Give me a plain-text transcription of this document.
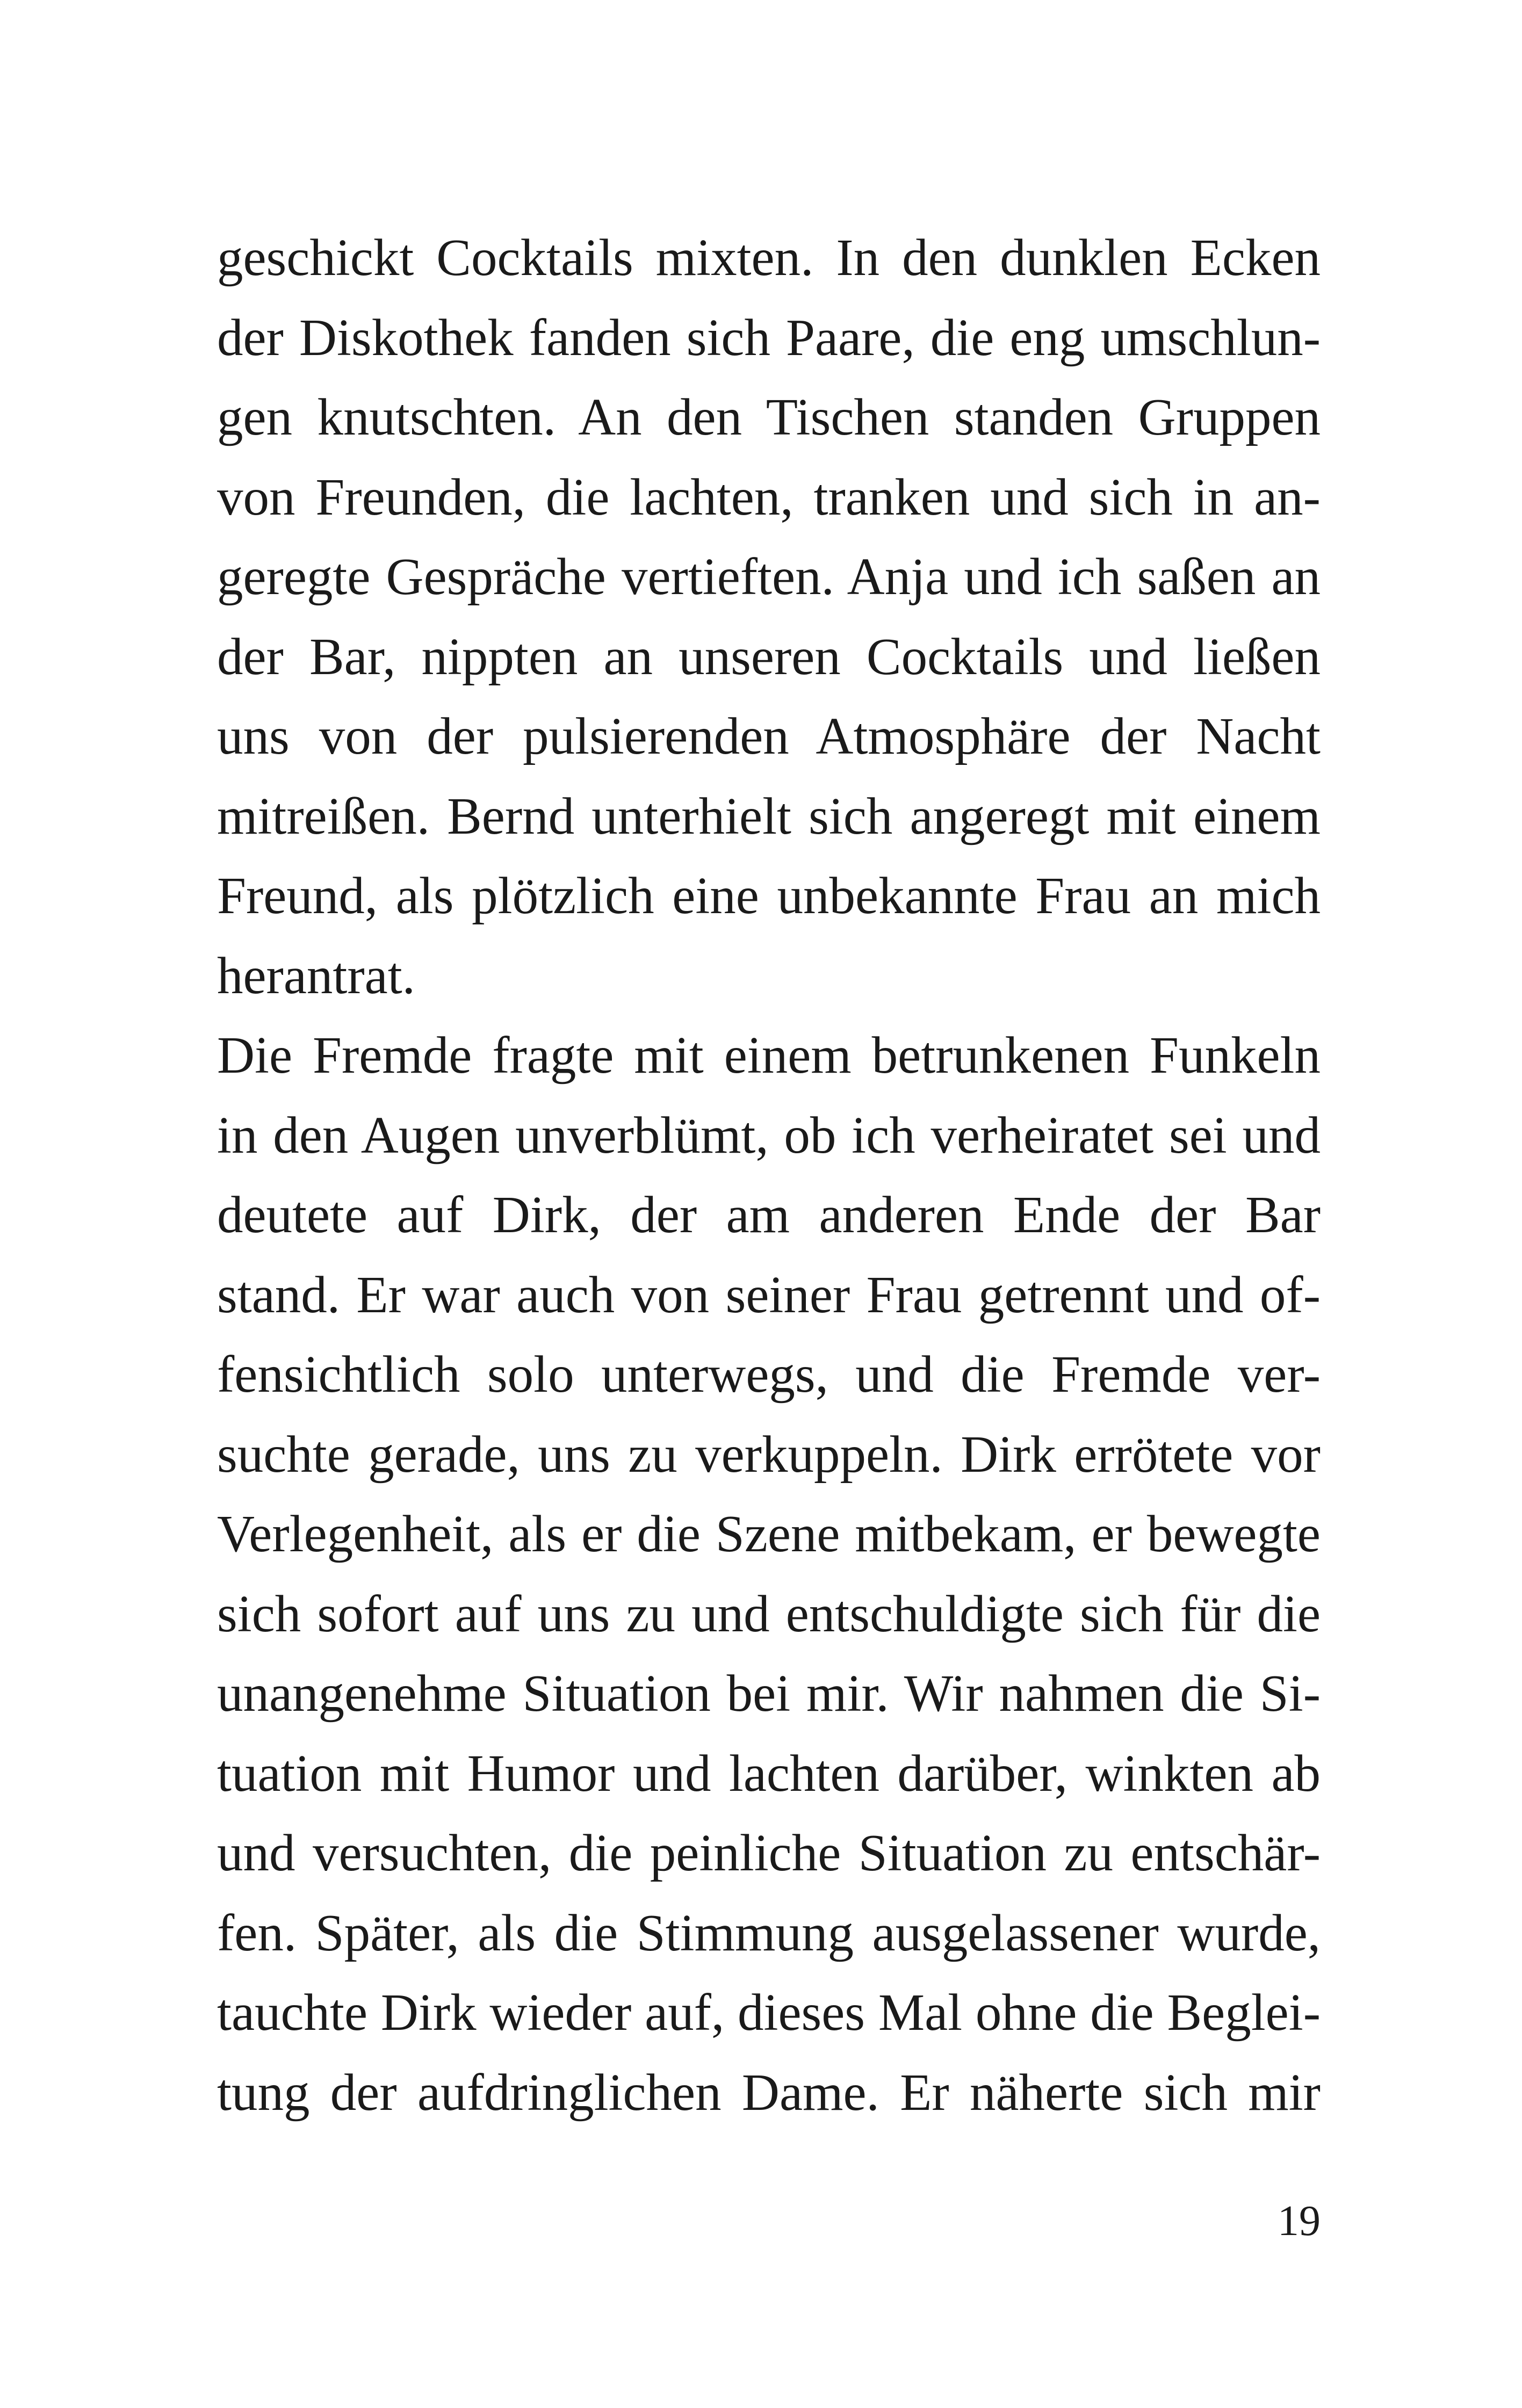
geschickt Cocktails mixten. In den dunklen Ecken
der Diskothek fanden sich Paare, die eng umschlun-
gen knutschten. An den Tischen standen Gruppen
von Freunden, die lachten, tranken und sich in an-
geregte Gespräche vertieften. Anja und ich saßen an
der Bar, nippten an unseren Cocktails und ließen
uns von der pulsierenden Atmosphäre der Nacht
mitreißen. Bernd unterhielt sich angeregt mit einem
Freund, als plötzlich eine unbekannte Frau an mich
herantrat.
Die Fremde fragte mit einem betrunkenen Funkeln
in den Augen unverblümt, ob ich verheiratet sei und
deutete auf Dirk, der am anderen Ende der Bar
stand. Er war auch von seiner Frau getrennt und of-
fensichtlich solo unterwegs, und die Fremde ver-
suchte gerade, uns zu verkuppeln. Dirk errötete vor
Verlegenheit, als er die Szene mitbekam, er bewegte
sich sofort auf uns zu und entschuldigte sich für die
unangenehme Situation bei mir. Wir nahmen die Si-
tuation mit Humor und lachten darüber, winkten ab
und versuchten, die peinliche Situation zu entschär-
fen. Später, als die Stimmung ausgelassener wurde,
tauchte Dirk wieder auf, dieses Mal ohne die Beglei-
tung der aufdringlichen Dame. Er näherte sich mir
19
